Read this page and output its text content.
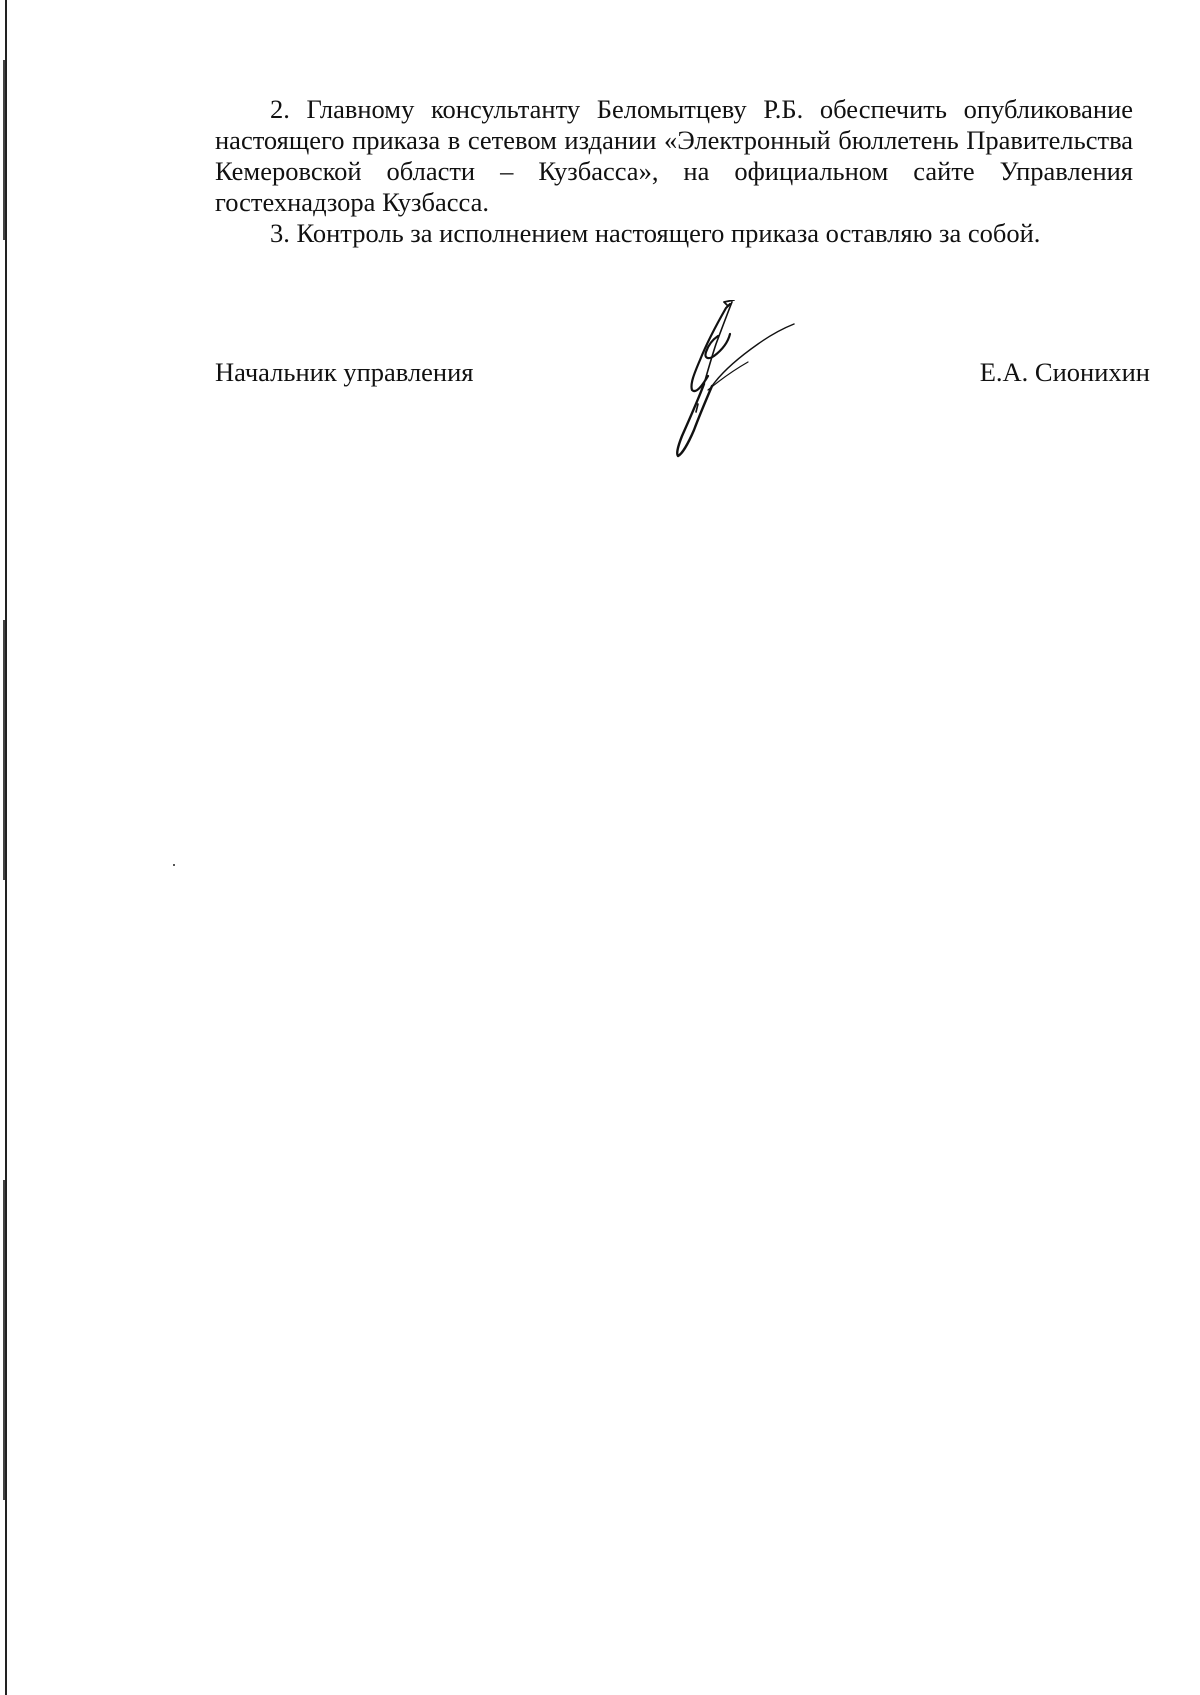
2. Главному консультанту Беломытцеву Р.Б. обеспечить опубликование настоящего приказа в сетевом издании «Электронный бюллетень Правительства Кемеровской области – Кузбасса», на официальном сайте Управления гостехнадзора Кузбасса.

3. Контроль за исполнением настоящего приказа оставляю за собой.

Начальник управления	Е.А. Сионихин
